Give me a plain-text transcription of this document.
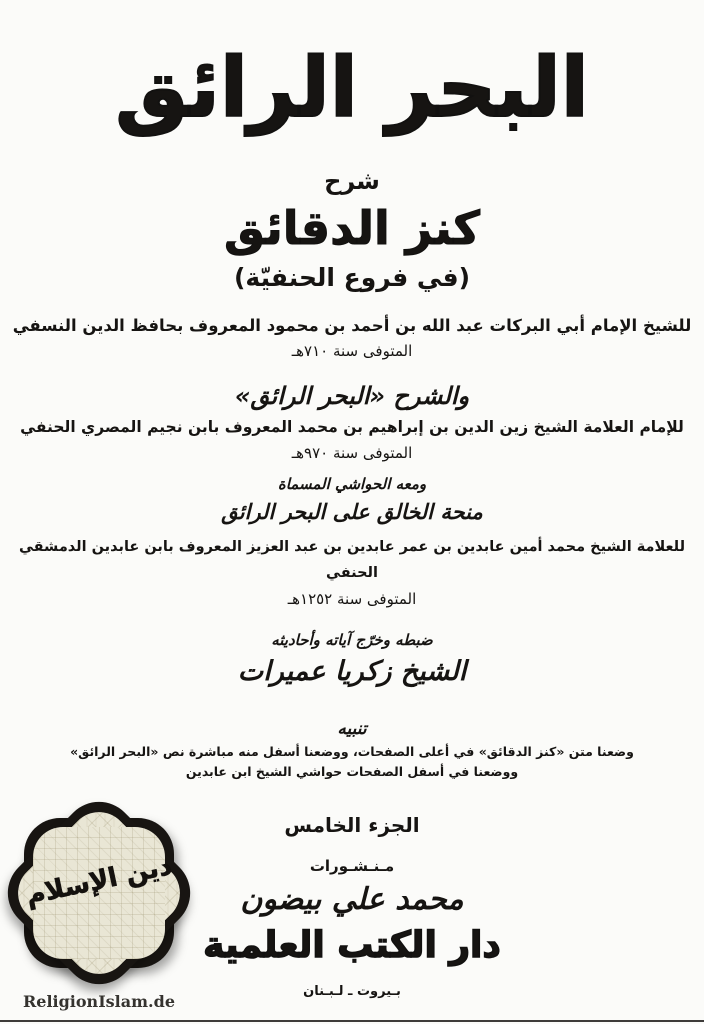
البحر الرائق
شرح
كنز الدقائق
(في فروع الحنفيّة)
للشيخ الإمام أبي البركات عبد الله بن أحمد بن محمود المعروف بحافظ الدين النسفي
المتوفى سنة ٧١٠هـ
والشرح «البحر الرائق»
للإمام العلامة الشيخ زين الدين بن إبراهيم بن محمد المعروف بابن نجيم المصري الحنفي
المتوفى سنة ٩٧٠هـ
ومعه الحواشي المسماة
منحة الخالق على البحر الرائق
للعلامة الشيخ محمد أمين عابدين بن عمر عابدين بن عبد العزيز المعروف بابن عابدين الدمشقي الحنفي
المتوفى سنة ١٢٥٢هـ
ضبطه وخرّج آياته وأحاديثه
الشيخ زكريا عميرات
تنبيه
وضعنا متن «كنز الدقائق» في أعلى الصفحات، ووضعنا أسفل منه مباشرة نص «البحر الرائق»
ووضعنا في أسفل الصفحات حواشي الشيخ ابن عابدين
الجزء الخامس
مـنـشـورات
محمد علي بيضون
دار الكتب العلمية
بـيروت ـ لـبـنان
دين الإسلام
ReligionIslam.de
